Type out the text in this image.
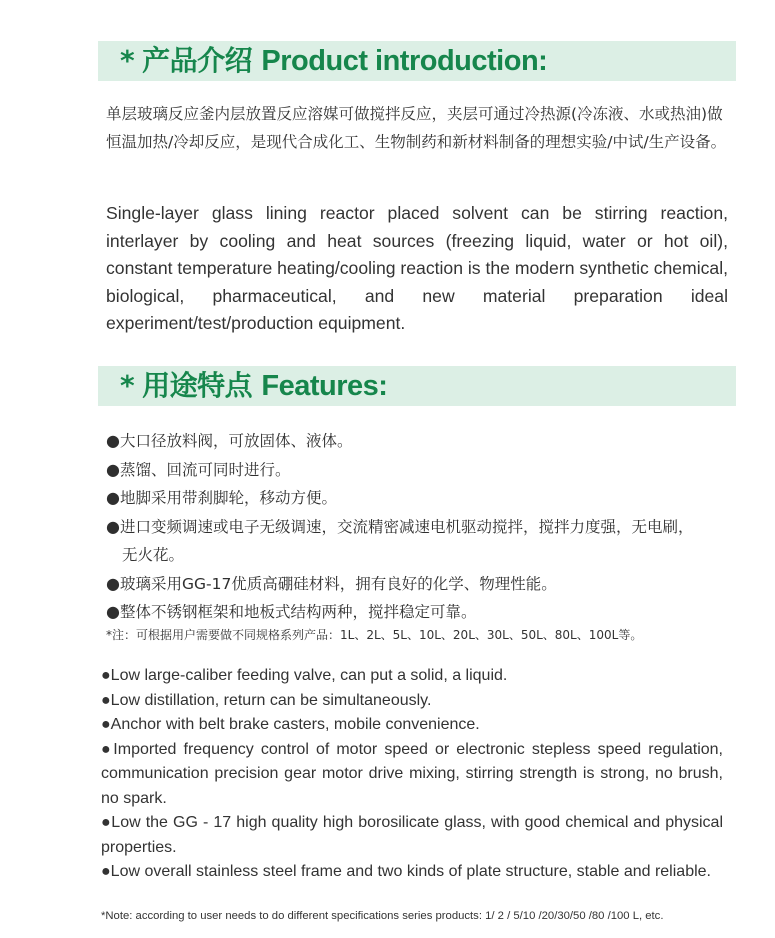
* 产品介绍 Product introduction:
单层玻璃反应釜内层放置反应溶媒可做搅拌反应，夹层可通过冷热源(冷冻液、水或热油)做恒温加热/冷却反应，是现代合成化工、生物制药和新材料制备的理想实验/中试/生产设备。

Single-layer glass lining reactor placed solvent can be stirring reaction, interlayer by cooling and heat sources (freezing liquid, water or hot oil), constant temperature heating/cooling reaction is the modern synthetic chemical, biological, pharmaceutical, and new material preparation ideal experiment/test/production equipment.

* 用途特点 Features:
●大口径放料阀，可放固体、液体。
●蒸馏、回流可同时进行。
●地脚采用带刹脚轮，移动方便。
●进口变频调速或电子无级调速，交流精密减速电机驱动搅拌，搅拌力度强，无电刷，
无火花。
●玻璃采用GG-17优质高硼硅材料，拥有良好的化学、物理性能。
●整体不锈钢框架和地板式结构两种，搅拌稳定可靠。
*注：可根据用户需要做不同规格系列产品：1L、2L、5L、10L、20L、30L、50L、80L、100L等。
●Low large-caliber feeding valve, can put a solid, a liquid.
●Low distillation, return can be simultaneously.
●Anchor with belt brake casters, mobile convenience.
●Imported frequency control of motor speed or electronic stepless speed regulation, communication precision gear motor drive mixing, stirring strength is strong, no brush, no spark.
●Low the GG - 17 high quality high borosilicate glass, with good chemical and physical properties.
●Low overall stainless steel frame and two kinds of plate structure, stable and reliable.
*Note: according to user needs to do different specifications series products: 1/ 2 / 5/10 /20/30/50 /80 /100 L, etc.
